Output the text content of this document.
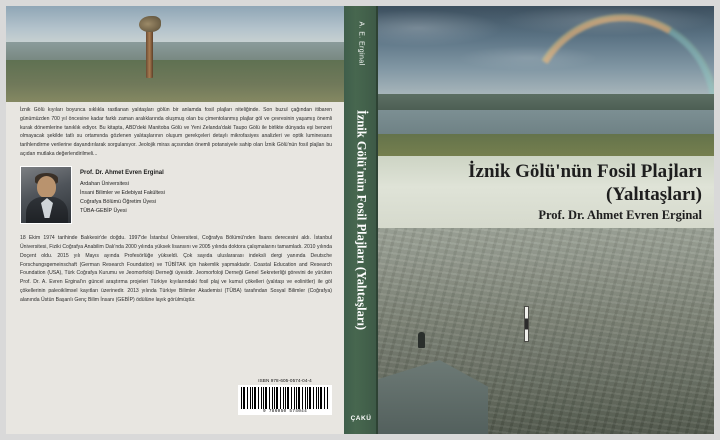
İznik Gölü kıyıları boyunca sıklıkla rastlanan yalıtaşları gölün bir anlamda fosil plajları niteliğinde. Son buzul çağından itibaren günümüzden 700 yıl öncesine kadar farklı zaman aralıklarında oluşmuş olan bu çimentolanmış plajlar göl ve çevresinin yaşamış önemli kurak dönemlerine tanıklık ediyor. Bu kitapta, ABD'deki Manitoba Gölü ve Yeni Zelanda'daki Taupo Gölü ile birlikte dünyada eşi benzeri olmayacak şekilde tatlı su ortamında gözlenen yalıtaşlarının oluşum gerekçeleri detaylı mikrofasiyes analizleri ve optik luminesans tarihlendirme verilerine dayandırılarak sorgulanıyor. Jeolojik miras açısından önemli potansiyele sahip olan İznik Gölü'nün fosil plajları bu açıdan mutlaka değerlendirilmeli...
Prof. Dr. Ahmet Evren Erginal
Ardahan Üniversitesi
İnsani Bilimler ve Edebiyat Fakültesi
Coğrafya Bölümü Öğretim Üyesi
TÜBA-GEBİP Üyesi
18 Ekim 1974 tarihinde Balıkesir'de doğdu. 1997'de İstanbul Üniversitesi, Coğrafya Bölümü'nden lisans derecesini aldı. İstanbul Üniversitesi, Fiziki Coğrafya Anabilim Dalı'nda 2000 yılında yüksek lisansını ve 2005 yılında doktora çalışmalarını tamamladı. 2010 yılında Doçent oldu. 2015 yılı Mayıs ayında Profesörlüğe yükseldi. Çok sayıda uluslararası indeksli dergi yanında Deutsche Forschungsgemeinschaft (German Research Foundation) ve TÜBİTAK için hakemlik yapmaktadır. Coastal Education and Research Foundation (USA), Türk Coğrafya Kurumu ve Jeomorfoloji Derneği üyesidir. Jeomorfoloji Derneği Genel Sekreterliği görevini de yürüten Prof. Dr. A. Evren Erginal'ın güncel araştırma projeleri Türkiye kıyılarındaki fosil plaj ve kumul çökelleri (yalıtaşı ve eolinitler) ile göl çökellerinin paleoiklimsel kayıtları üzerinedir. 2013 yılında Türkiye Bilimler Akademisi (TÜBA) tarafından Sosyal Bilimler (Coğrafya) alanında Üstün Başarılı Genç Bilim İnsanı (GEBİP) ödülüne layık görülmüştür.
ISBN 978-605-0574-04-4
9 786050 574044
A. E. Erginal
İznik Gölü'nün Fosil Plajları (Yalıtaşları)
ÇAKÜ
İznik Gölü'nün Fosil Plajları
(Yalıtaşları)
Prof. Dr. Ahmet Evren Erginal
